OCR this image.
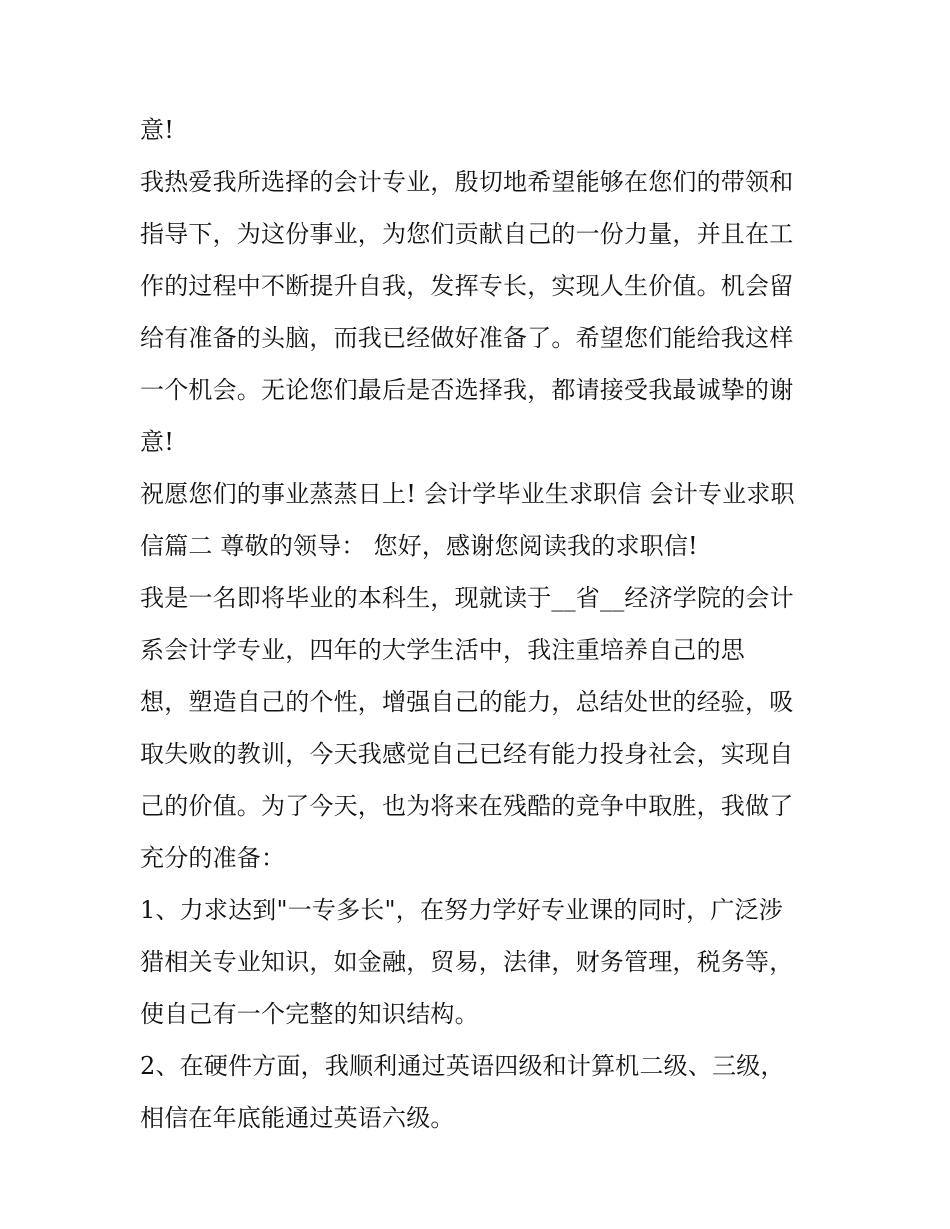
意!
我热爱我所选择的会计专业，殷切地希望能够在您们的带领和
指导下，为这份事业，为您们贡献自己的一份力量，并且在工
作的过程中不断提升自我，发挥专长，实现人生价值。机会留
给有准备的头脑，而我已经做好准备了。希望您们能给我这样
一个机会。无论您们最后是否选择我，都请接受我最诚挚的谢
意!
祝愿您们的事业蒸蒸日上! 会计学毕业生求职信 会计专业求职
信篇二 尊敬的领导： 您好，感谢您阅读我的求职信!
我是一名即将毕业的本科生，现就读于__省__经济学院的会计
系会计学专业，四年的大学生活中，我注重培养自己的思
想，塑造自己的个性，增强自己的能力，总结处世的经验，吸
取失败的教训，今天我感觉自己已经有能力投身社会，实现自
己的价值。为了今天，也为将来在残酷的竞争中取胜，我做了
充分的准备：
1、力求达到"一专多长"，在努力学好专业课的同时，广泛涉
猎相关专业知识，如金融，贸易，法律，财务管理，税务等，
使自己有一个完整的知识结构。
2、在硬件方面，我顺利通过英语四级和计算机二级、三级，
相信在年底能通过英语六级。
